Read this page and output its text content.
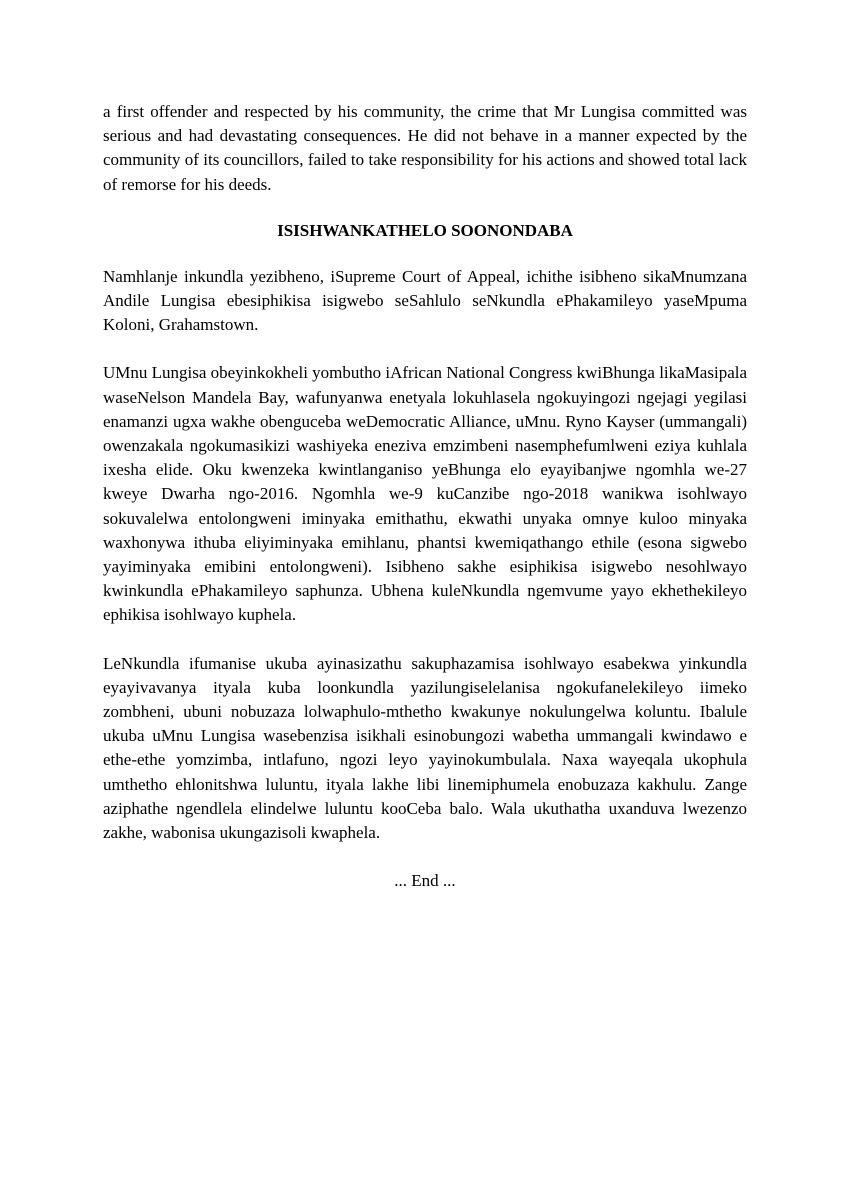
a first offender and respected by his community, the crime that Mr Lungisa committed was serious and had devastating consequences. He did not behave in a manner expected by the community of its councillors, failed to take responsibility for his actions and showed total lack of remorse for his deeds.

ISISHWANKATHELO SOONONDABA

Namhlanje inkundla yezibheno, iSupreme Court of Appeal, ichithe isibheno sikaMnumzana Andile Lungisa ebesiphikisa isigwebo seSahlulo seNkundla ePhakamileyo yaseMpuma Koloni, Grahamstown.

UMnu Lungisa obeyinkokheli yombutho iAfrican National Congress kwiBhunga likaMasipala waseNelson Mandela Bay, wafunyanwa enetyala lokuhlasela ngokuyingozi ngejagi yegilasi enamanzi ugxa wakhe obenguceba weDemocratic Alliance, uMnu. Ryno Kayser (ummangali) owenzakala ngokumasikizi washiyeka eneziva emzimbeni nasemphefumlweni eziya kuhlala ixesha elide. Oku kwenzeka kwintlanganiso yeBhunga elo eyayibanjwe ngomhla we-27 kweye Dwarha ngo-2016. Ngomhla we-9 kuCanzibe ngo-2018 wanikwa isohlwayo sokuvalelwa entolongweni iminyaka emithathu, ekwathi unyaka omnye kuloo minyaka waxhonywa ithuba eliyiminyaka emihlanu, phantsi kwemiqathango ethile (esona sigwebo yayiminyaka emibini entolongweni). Isibheno sakhe esiphikisa isigwebo nesohlwayo kwinkundla ePhakamileyo saphunza. Ubhena kuleNkundla ngemvume yayo ekhethekileyo ephikisa isohlwayo kuphela.

LeNkundla ifumanise ukuba ayinasizathu sakuphazamisa isohlwayo esabekwa yinkundla eyayivavanya ityala kuba loonkundla yazilungiselelanisa ngokufanelekileyo iimeko zombheni, ubuni nobuzaza lolwaphulo-mthetho kwakunye nokulungelwa koluntu. Ibalule ukuba uMnu Lungisa wasebenzisa isikhali esinobungozi wabetha ummangali kwindawo e ethe-ethe yomzimba, intlafuno, ngozi leyo yayinokumbulala. Naxa wayeqala ukophula umthetho ehlonitshwa luluntu, ityala lakhe libi linemiphumela enobuzaza kakhulu. Zange aziphathe ngendlela elindelwe luluntu kooCeba balo. Wala ukuthatha uxanduva lwezenzo zakhe, wabonisa ukungazisoli kwaphela.

... End ...
